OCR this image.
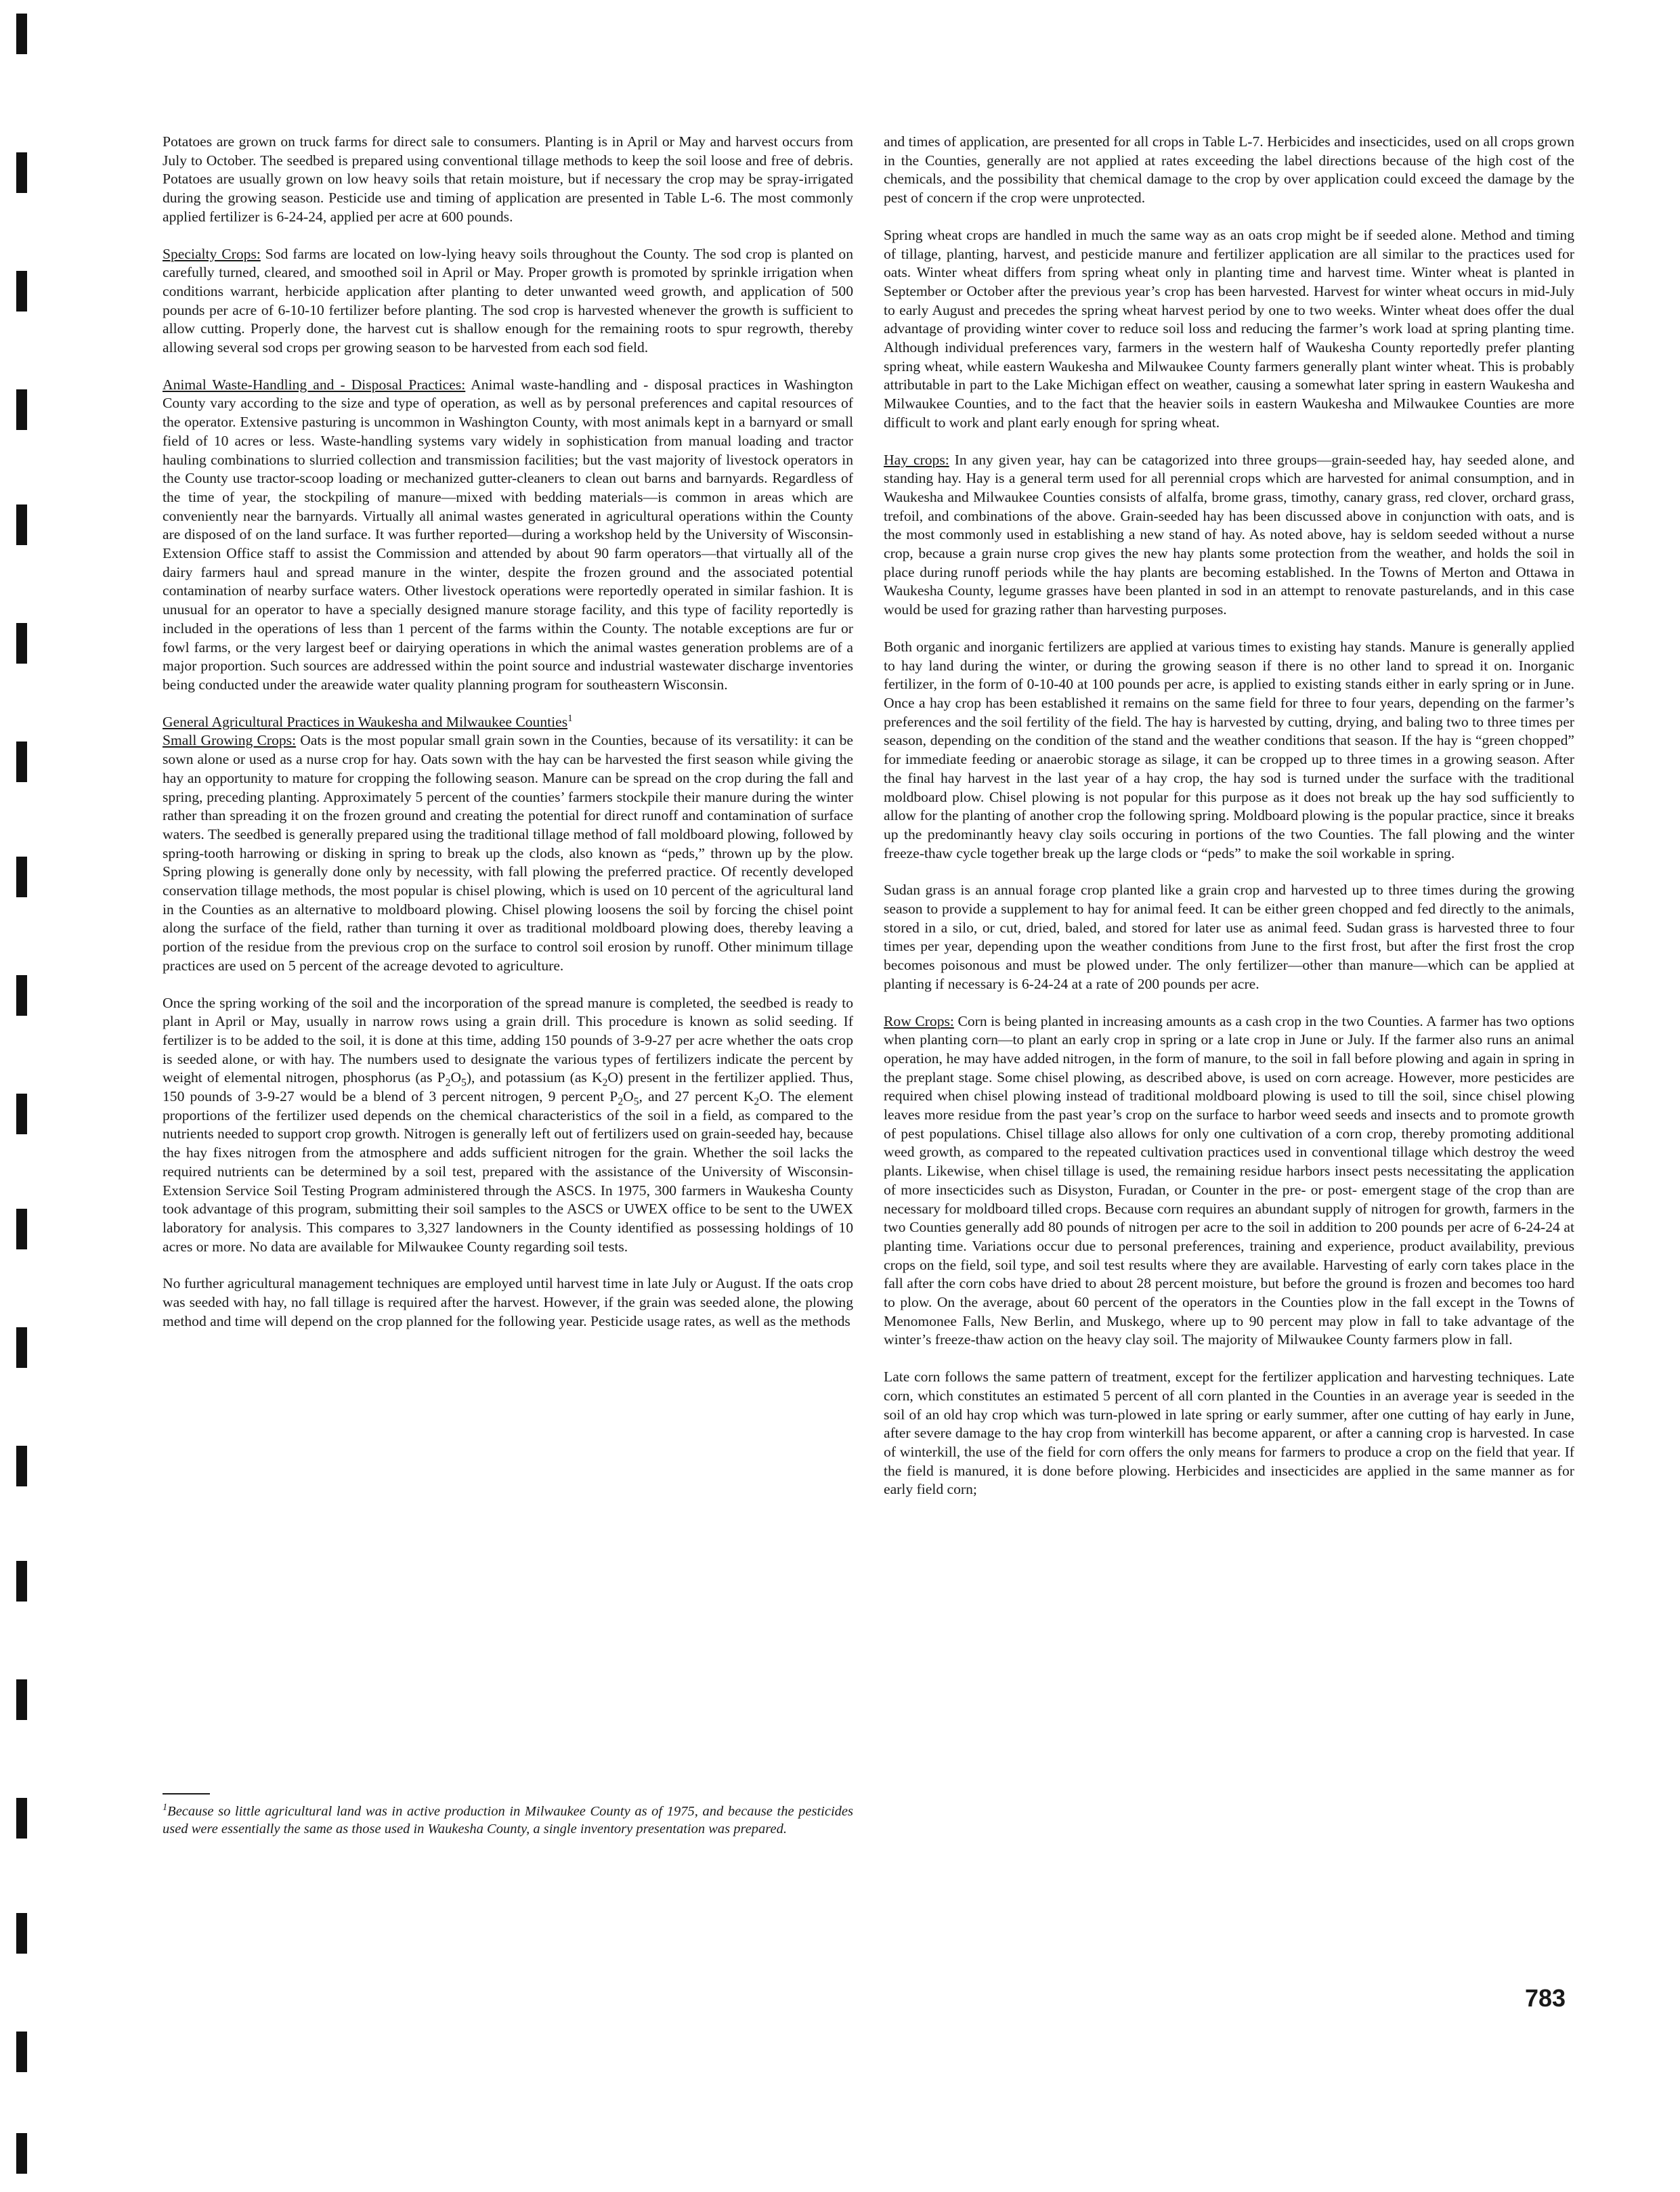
Potatoes are grown on truck farms for direct sale to consumers. Planting is in April or May and harvest occurs from July to October. The seedbed is prepared using conventional tillage methods to keep the soil loose and free of debris. Potatoes are usually grown on low heavy soils that retain moisture, but if necessary the crop may be spray-irrigated during the growing season. Pesticide use and timing of application are presented in Table L-6. The most commonly applied fertilizer is 6-24-24, applied per acre at 600 pounds.

Specialty Crops: Sod farms are located on low-lying heavy soils throughout the County. The sod crop is planted on carefully turned, cleared, and smoothed soil in April or May. Proper growth is promoted by sprinkle irrigation when conditions warrant, herbicide application after planting to deter unwanted weed growth, and application of 500 pounds per acre of 6-10-10 fertilizer before planting. The sod crop is harvested whenever the growth is sufficient to allow cutting. Properly done, the harvest cut is shallow enough for the remaining roots to spur regrowth, thereby allowing several sod crops per growing season to be harvested from each sod field.

Animal Waste-Handling and - Disposal Practices: Animal waste-handling and - disposal practices in Washington County vary according to the size and type of operation, as well as by personal preferences and capital resources of the operator. Extensive pasturing is uncommon in Washington County, with most animals kept in a barnyard or small field of 10 acres or less. Waste-handling systems vary widely in sophistication from manual loading and tractor hauling combinations to slurried collection and transmission facilities; but the vast majority of livestock operators in the County use tractor-scoop loading or mechanized gutter-cleaners to clean out barns and barnyards. Regardless of the time of year, the stockpiling of manure—mixed with bedding materials—is common in areas which are conveniently near the barnyards. Virtually all animal wastes generated in agricultural operations within the County are disposed of on the land surface. It was further reported—during a workshop held by the University of Wisconsin-Extension Office staff to assist the Commission and attended by about 90 farm operators—that virtually all of the dairy farmers haul and spread manure in the winter, despite the frozen ground and the associated potential contamination of nearby surface waters. Other livestock operations were reportedly operated in similar fashion. It is unusual for an operator to have a specially designed manure storage facility, and this type of facility reportedly is included in the operations of less than 1 percent of the farms within the County. The notable exceptions are fur or fowl farms, or the very largest beef or dairying operations in which the animal wastes generation problems are of a major proportion. Such sources are addressed within the point source and industrial wastewater discharge inventories being conducted under the areawide water quality planning program for southeastern Wisconsin.

General Agricultural Practices in Waukesha and Milwaukee Counties$^1$

Small Growing Crops: Oats is the most popular small grain sown in the Counties, because of its versatility: it can be sown alone or used as a nurse crop for hay. Oats sown with the hay can be harvested the first season while giving the hay an opportunity to mature for cropping the following season. Manure can be spread on the crop during the fall and spring, preceding planting. Approximately 5 percent of the counties’ farmers stockpile their manure during the winter rather than spreading it on the frozen ground and creating the potential for direct runoff and contamination of surface waters. The seedbed is generally prepared using the traditional tillage method of fall moldboard plowing, followed by spring-tooth harrowing or disking in spring to break up the clods, also known as “peds,” thrown up by the plow. Spring plowing is generally done only by necessity, with fall plowing the preferred practice. Of recently developed conservation tillage methods, the most popular is chisel plowing, which is used on 10 percent of the agricultural land in the Counties as an alternative to moldboard plowing. Chisel plowing loosens the soil by forcing the chisel point along the surface of the field, rather than turning it over as traditional moldboard plowing does, thereby leaving a portion of the residue from the previous crop on the surface to control soil erosion by runoff. Other minimum tillage practices are used on 5 percent of the acreage devoted to agriculture.

Once the spring working of the soil and the incorporation of the spread manure is completed, the seedbed is ready to plant in April or May, usually in narrow rows using a grain drill. This procedure is known as solid seeding. If fertilizer is to be added to the soil, it is done at this time, adding 150 pounds of 3-9-27 per acre whether the oats crop is seeded alone, or with hay. The numbers used to designate the various types of fertilizers indicate the percent by weight of elemental nitrogen, phosphorus (as $P_2O_5$), and potassium (as $K_2O$) present in the fertilizer applied. Thus, 150 pounds of 3-9-27 would be a blend of 3 percent nitrogen, 9 percent $P_2O_5$, and 27 percent $K_2O$. The element proportions of the fertilizer used depends on the chemical characteristics of the soil in a field, as compared to the nutrients needed to support crop growth. Nitrogen is generally left out of fertilizers used on grain-seeded hay, because the hay fixes nitrogen from the atmosphere and adds sufficient nitrogen for the grain. Whether the soil lacks the required nutrients can be determined by a soil test, prepared with the assistance of the University of Wisconsin-Extension Service Soil Testing Program administered through the ASCS. In 1975, 300 farmers in Waukesha County took advantage of this program, submitting their soil samples to the ASCS or UWEX office to be sent to the UWEX laboratory for analysis. This compares to 3,327 landowners in the County identified as possessing holdings of 10 acres or more. No data are available for Milwaukee County regarding soil tests.

No further agricultural management techniques are employed until harvest time in late July or August. If the oats crop was seeded with hay, no fall tillage is required after the harvest. However, if the grain was seeded alone, the plowing method and time will depend on the crop planned for the following year. Pesticide usage rates, as well as the methods

$^1$Because so little agricultural land was in active production in Milwaukee County as of 1975, and because the pesticides used were essentially the same as those used in Waukesha County, a single inventory presentation was prepared.

and times of application, are presented for all crops in Table L-7. Herbicides and insecticides, used on all crops grown in the Counties, generally are not applied at rates exceeding the label directions because of the high cost of the chemicals, and the possibility that chemical damage to the crop by over application could exceed the damage by the pest of concern if the crop were unprotected.

Spring wheat crops are handled in much the same way as an oats crop might be if seeded alone. Method and timing of tillage, planting, harvest, and pesticide manure and fertilizer application are all similar to the practices used for oats. Winter wheat differs from spring wheat only in planting time and harvest time. Winter wheat is planted in September or October after the previous year’s crop has been harvested. Harvest for winter wheat occurs in mid-July to early August and precedes the spring wheat harvest period by one to two weeks. Winter wheat does offer the dual advantage of providing winter cover to reduce soil loss and reducing the farmer’s work load at spring planting time. Although individual preferences vary, farmers in the western half of Waukesha County reportedly prefer planting spring wheat, while eastern Waukesha and Milwaukee County farmers generally plant winter wheat. This is probably attributable in part to the Lake Michigan effect on weather, causing a somewhat later spring in eastern Waukesha and Milwaukee Counties, and to the fact that the heavier soils in eastern Waukesha and Milwaukee Counties are more difficult to work and plant early enough for spring wheat.

Hay crops: In any given year, hay can be catagorized into three groups—grain-seeded hay, hay seeded alone, and standing hay. Hay is a general term used for all perennial crops which are harvested for animal consumption, and in Waukesha and Milwaukee Counties consists of alfalfa, brome grass, timothy, canary grass, red clover, orchard grass, trefoil, and combinations of the above. Grain-seeded hay has been discussed above in conjunction with oats, and is the most commonly used in establishing a new stand of hay. As noted above, hay is seldom seeded without a nurse crop, because a grain nurse crop gives the new hay plants some protection from the weather, and holds the soil in place during runoff periods while the hay plants are becoming established. In the Towns of Merton and Ottawa in Waukesha County, legume grasses have been planted in sod in an attempt to renovate pasturelands, and in this case would be used for grazing rather than harvesting purposes.

Both organic and inorganic fertilizers are applied at various times to existing hay stands. Manure is generally applied to hay land during the winter, or during the growing season if there is no other land to spread it on. Inorganic fertilizer, in the form of 0-10-40 at 100 pounds per acre, is applied to existing stands either in early spring or in June. Once a hay crop has been established it remains on the same field for three to four years, depending on the farmer’s preferences and the soil fertility of the field. The hay is harvested by cutting, drying, and baling two to three times per season, depending on the condition of the stand and the weather conditions that season. If the hay is “green chopped” for immediate feeding or anaerobic storage as silage, it can be cropped up to three times in a growing season. After the final hay harvest in the last year of a hay crop, the hay sod is turned under the surface with the traditional moldboard plow. Chisel plowing is not popular for this purpose as it does not break up the hay sod sufficiently to allow for the planting of another crop the following spring. Moldboard plowing is the popular practice, since it breaks up the predominantly heavy clay soils occuring in portions of the two Counties. The fall plowing and the winter freeze-thaw cycle together break up the large clods or “peds” to make the soil workable in spring.

Sudan grass is an annual forage crop planted like a grain crop and harvested up to three times during the growing season to provide a supplement to hay for animal feed. It can be either green chopped and fed directly to the animals, stored in a silo, or cut, dried, baled, and stored for later use as animal feed. Sudan grass is harvested three to four times per year, depending upon the weather conditions from June to the first frost, but after the first frost the crop becomes poisonous and must be plowed under. The only fertilizer—other than manure—which can be applied at planting if necessary is 6-24-24 at a rate of 200 pounds per acre.

Row Crops: Corn is being planted in increasing amounts as a cash crop in the two Counties. A farmer has two options when planting corn—to plant an early crop in spring or a late crop in June or July. If the farmer also runs an animal operation, he may have added nitrogen, in the form of manure, to the soil in fall before plowing and again in spring in the preplant stage. Some chisel plowing, as described above, is used on corn acreage. However, more pesticides are required when chisel plowing instead of traditional moldboard plowing is used to till the soil, since chisel plowing leaves more residue from the past year’s crop on the surface to harbor weed seeds and insects and to promote growth of pest populations. Chisel tillage also allows for only one cultivation of a corn crop, thereby promoting additional weed growth, as compared to the repeated cultivation practices used in conventional tillage which destroy the weed plants. Likewise, when chisel tillage is used, the remaining residue harbors insect pests necessitating the application of more insecticides such as Disyston, Furadan, or Counter in the pre- or post- emergent stage of the crop than are necessary for moldboard tilled crops. Because corn requires an abundant supply of nitrogen for growth, farmers in the two Counties generally add 80 pounds of nitrogen per acre to the soil in addition to 200 pounds per acre of 6-24-24 at planting time. Variations occur due to personal preferences, training and experience, product availability, previous crops on the field, soil type, and soil test results where they are available. Harvesting of early corn takes place in the fall after the corn cobs have dried to about 28 percent moisture, but before the ground is frozen and becomes too hard to plow. On the average, about 60 percent of the operators in the Counties plow in the fall except in the Towns of Menomonee Falls, New Berlin, and Muskego, where up to 90 percent may plow in fall to take advantage of the winter’s freeze-thaw action on the heavy clay soil. The majority of Milwaukee County farmers plow in fall.

Late corn follows the same pattern of treatment, except for the fertilizer application and harvesting techniques. Late corn, which constitutes an estimated 5 percent of all corn planted in the Counties in an average year is seeded in the soil of an old hay crop which was turn-plowed in late spring or early summer, after one cutting of hay early in June, after severe damage to the hay crop from winterkill has become apparent, or after a canning crop is harvested. In case of winterkill, the use of the field for corn offers the only means for farmers to produce a crop on the field that year. If the field is manured, it is done before plowing. Herbicides and insecticides are applied in the same manner as for early field corn;

783
